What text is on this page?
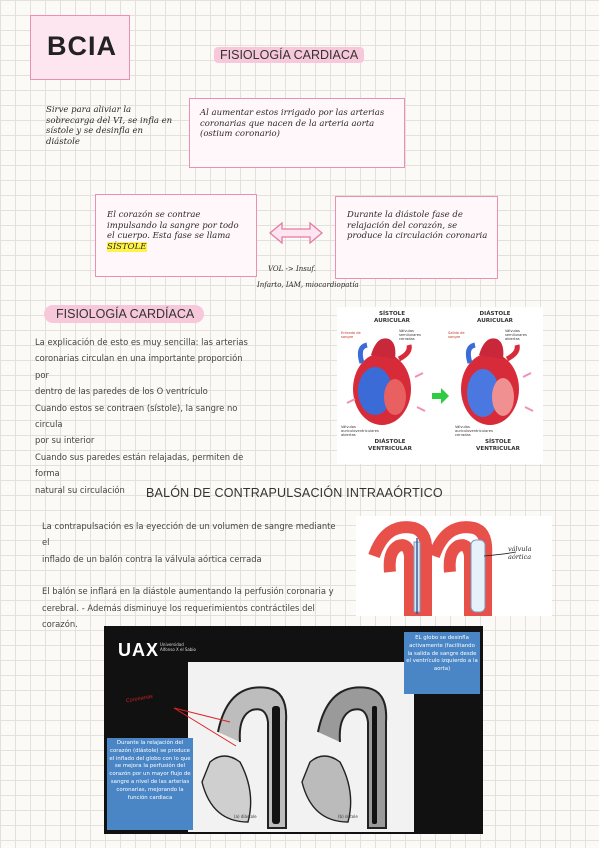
BCIA	FISIOLOGÍA CARDIACA
Sirve para aliviar la sobrecarga del VI, se infla en sístole y se desinfla en diástole
Al aumentar estos irrigado por las arterias coronarias que nacen de la arteria aorta (ostium coronario)
El corazón se contrae impulsando la sangre por todo el cuerpo. Esta fase se llama SÍSTOLE
Durante la diástole fase de relajación del corazón, se produce la circulación coronaria
VOL -> Insuf.
Infarto, IAM, miocardiopatía
FISIOLOGÍA CARDÍACA
La explicación de esto es muy sencilla: las arterias
coronarias circulan en una importante proporción por
dentro de las paredes de los O ventrículo
Cuando estos se contraen (sístole), la sangre no circula
por su interior
Cuando sus paredes están relajadas, permiten de forma
natural su circulación
SÍSTOLE
AURICULAR
DIÁSTOLE
AURICULAR
Entrada de sangre
Válvulas semilunares cerradas
Salida de sangre
Válvulas semilunares abiertas
Válvulas auriculoventriculares abiertas
Válvulas auriculoventriculares cerradas
DIÁSTOLE
VENTRICULAR
SÍSTOLE
VENTRICULAR
BALÓN DE CONTRAPULSACIÓN INTRAAÓRTICO
La contrapulsación es la eyección de un volumen de sangre mediante el
inflado de un balón contra la válvula aórtica cerrada
El balón se inflará en la diástole aumentando la perfusión coronaria y
cerebral. - Además disminuye los requerimientos contráctiles del corazón.
válvula aórtica
UAX Universidad
Alfonso X el Sabio
(a) diástole	(b) sístole
Coronarias
Durante la relajación del corazón (diástole) se produce el inflado del globo con lo que se mejora la perfusión del corazón por un mayor flujo de sangre a nivel de las arterias coronarias, mejorando la función cardiaca
EL globo se desinfla activamente (facilitando la salida de sangre desde el ventrículo izquierdo a la aorta)
